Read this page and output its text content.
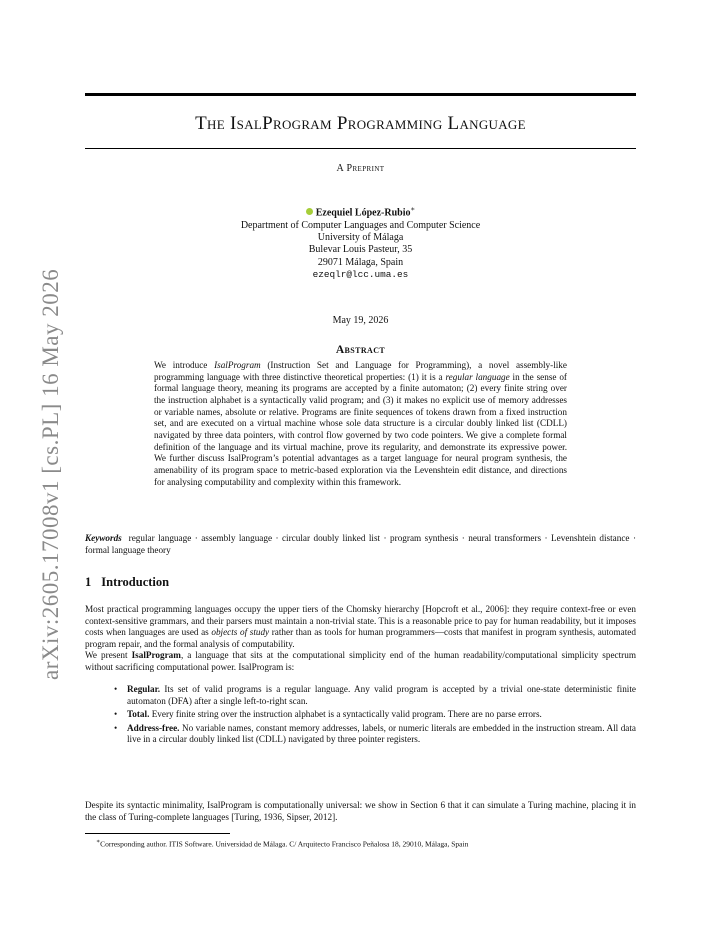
arXiv:2605.17008v1 [cs.PL] 16 May 2026
The IsalProgram Programming Language
A Preprint
Ezequiel López-Rubio∗
Department of Computer Languages and Computer Science
University of Málaga
Bulevar Louis Pasteur, 35
29071 Málaga, Spain
ezeqlr@lcc.uma.es
May 19, 2026
Abstract
We introduce IsalProgram (Instruction Set and Language for Programming), a novel assembly-like programming language with three distinctive theoretical properties: (1) it is a regular language in the sense of formal language theory, meaning its programs are accepted by a finite automaton; (2) every finite string over the instruction alphabet is a syntactically valid program; and (3) it makes no explicit use of memory addresses or variable names, absolute or relative. Programs are finite sequences of tokens drawn from a fixed instruction set, and are executed on a virtual machine whose sole data structure is a circular doubly linked list (CDLL) navigated by three data pointers, with control flow governed by two code pointers. We give a complete formal definition of the language and its virtual machine, prove its regularity, and demonstrate its expressive power. We further discuss IsalProgram’s potential advantages as a target language for neural program synthesis, the amenability of its program space to metric-based exploration via the Levenshtein edit distance, and directions for analysing computability and complexity within this framework.
Keywords regular language · assembly language · circular doubly linked list · program synthesis · neural transformers · Levenshtein distance · formal language theory
1 Introduction
Most practical programming languages occupy the upper tiers of the Chomsky hierarchy [Hopcroft et al., 2006]: they require context-free or even context-sensitive grammars, and their parsers must maintain a non-trivial state. This is a reasonable price to pay for human readability, but it imposes costs when languages are used as objects of study rather than as tools for human programmers—costs that manifest in program synthesis, automated program repair, and the formal analysis of computability.
We present IsalProgram, a language that sits at the computational simplicity end of the human readability/computational simplicity spectrum without sacrificing computational power. IsalProgram is:
• Regular. Its set of valid programs is a regular language. Any valid program is accepted by a trivial one-state deterministic finite automaton (DFA) after a single left-to-right scan.
• Total. Every finite string over the instruction alphabet is a syntactically valid program. There are no parse errors.
• Address-free. No variable names, constant memory addresses, labels, or numeric literals are embedded in the instruction stream. All data live in a circular doubly linked list (CDLL) navigated by three pointer registers.
Despite its syntactic minimality, IsalProgram is computationally universal: we show in Section 6 that it can simulate a Turing machine, placing it in the class of Turing-complete languages [Turing, 1936, Sipser, 2012].
∗Corresponding author. ITIS Software. Universidad de Málaga. C/ Arquitecto Francisco Peñalosa 18, 29010, Málaga, Spain
